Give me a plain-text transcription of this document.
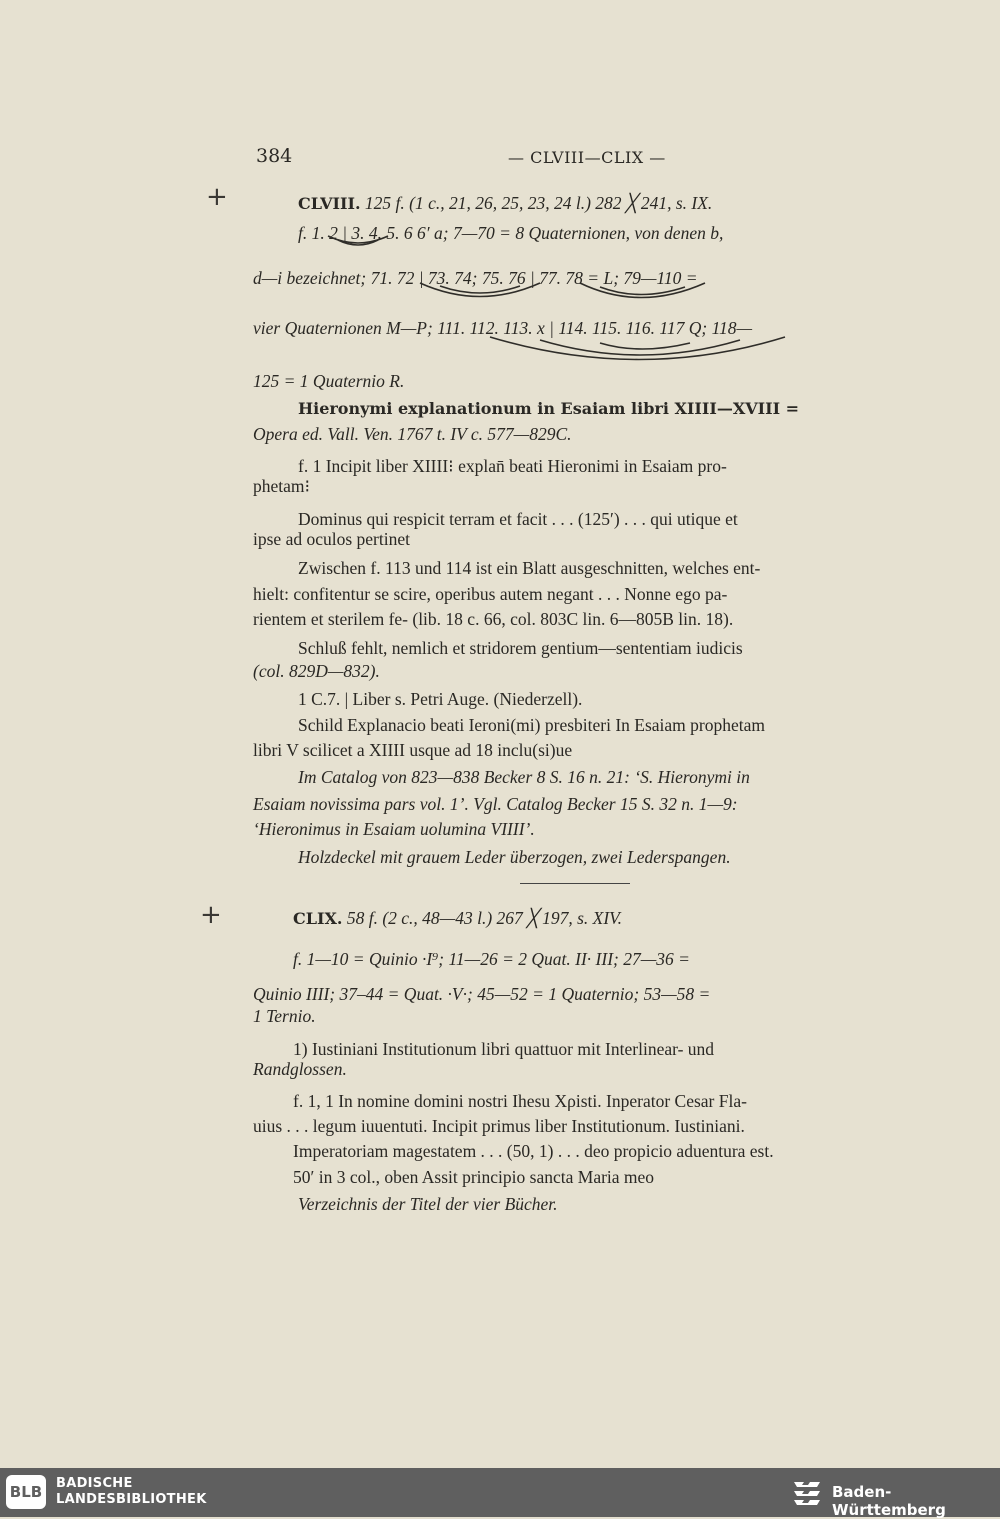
+
+
384	— CLVIII—CLIX —
CLVIII. 125 f. (1 c., 21, 26, 25, 23, 24 l.) 282 ╳ 241, s. IX.
f. 1. 2 | 3. 4. 5. 6 6′ a; 7—70 = 8 Quaternionen, von denen b,
d—i bezeichnet; 71. 72 | 73. 74; 75. 76 | 77. 78 = L; 79—110 =
vier Quaternionen M—P; 111. 112. 113. x | 114. 115. 116. 117 Q; 118—
125 = 1 Quaternio R.
Hieronymi explanationum in Esaiam libri XIIII—XVIII =
Opera ed. Vall. Ven. 1767 t. IV c. 577—829C.
f. 1 Incipit liber XIIII⁝ explan̄ beati Hieronimi in Esaiam pro-
phetam⁝
Dominus qui respicit terram et facit . . . (125′) . . . qui utique et
ipse ad oculos pertinet
Zwischen f. 113 und 114 ist ein Blatt ausgeschnitten, welches ent-
hielt: confitentur se scire, operibus autem negant . . . Nonne ego pa-
rientem et sterilem fe- (lib. 18 c. 66, col. 803C lin. 6—805B lin. 18).
Schluß fehlt, nemlich et stridorem gentium—sententiam iudicis
(col. 829D—832).
1 C.7. | Liber s. Petri Auge. (Niederzell).
Schild Explanacio beati Ieroni(mi) presbiteri In Esaiam prophetam
libri V scilicet a XIIII usque ad 18 inclu(si)ue
Im Catalog von 823—838 Becker 8 S. 16 n. 21: ‘S. Hieronymi in
Esaiam novissima pars vol. 1’. Vgl. Catalog Becker 15 S. 32 n. 1—9:
‘Hieronimus in Esaiam uolumina VIIII’.
Holzdeckel mit grauem Leder überzogen, zwei Lederspangen.
CLIX. 58 f. (2 c., 48—43 l.) 267 ╳ 197, s. XIV.
f. 1—10 = Quinio ·I⁹; 11—26 = 2 Quat. II· III; 27—36 =
Quinio IIII; 37–44 = Quat. ·V·; 45—52 = 1 Quaternio; 53—58 =
1 Ternio.
1) Iustiniani Institutionum libri quattuor mit Interlinear- und
Randglossen.
f. 1, 1 In nomine domini nostri Ihesu Xρisti. Inperator Cesar Fla-
uius . . . legum iuuentuti. Incipit primus liber Institutionum. Iustiniani.
Imperatoriam magestatem . . . (50, 1) . . . deo propicio aduentura est.
50′ in 3 col., oben Assit principio sancta Maria meo
Verzeichnis der Titel der vier Bücher.
BLB BADISCHE
LANDESBIBLIOTHEK	Baden-Württemberg
